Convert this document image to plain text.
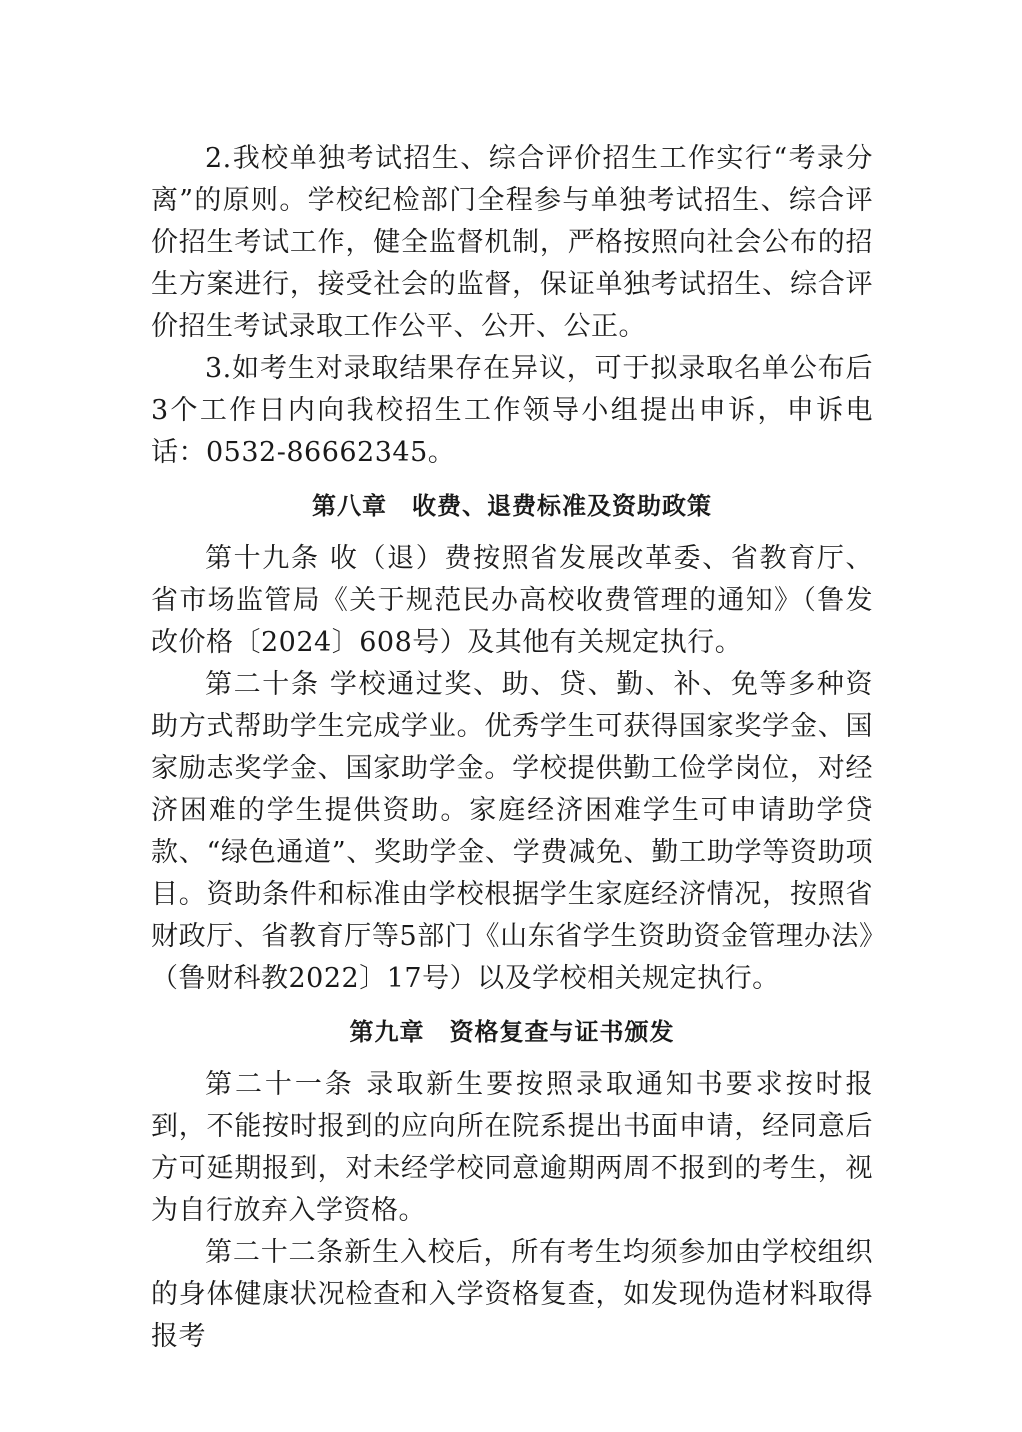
2.我校单独考试招生、综合评价招生工作实行“考录分离”的原则。学校纪检部门全程参与单独考试招生、综合评价招生考试工作，健全监督机制，严格按照向社会公布的招生方案进行，接受社会的监督，保证单独考试招生、综合评价招生考试录取工作公平、公开、公正。

3.如考生对录取结果存在异议，可于拟录取名单公布后3个工作日内向我校招生工作领导小组提出申诉，申诉电话：0532-86662345。

第八章　收费、退费标准及资助政策

第十九条 收（退）费按照省发展改革委、省教育厅、省市场监管局《关于规范民办高校收费管理的通知》（鲁发改价格〔2024〕608号）及其他有关规定执行。

第二十条 学校通过奖、助、贷、勤、补、免等多种资助方式帮助学生完成学业。优秀学生可获得国家奖学金、国家励志奖学金、国家助学金。学校提供勤工俭学岗位，对经济困难的学生提供资助。家庭经济困难学生可申请助学贷款、“绿色通道”、奖助学金、学费减免、勤工助学等资助项目。资助条件和标准由学校根据学生家庭经济情况，按照省财政厅、省教育厅等5部门《山东省学生资助资金管理办法》（鲁财科教2022〕17号）以及学校相关规定执行。

第九章　资格复查与证书颁发

第二十一条 录取新生要按照录取通知书要求按时报到，不能按时报到的应向所在院系提出书面申请，经同意后方可延期报到，对未经学校同意逾期两周不报到的考生，视为自行放弃入学资格。

第二十二条新生入校后，所有考生均须参加由学校组织的身体健康状况检查和入学资格复查，如发现伪造材料取得报考
